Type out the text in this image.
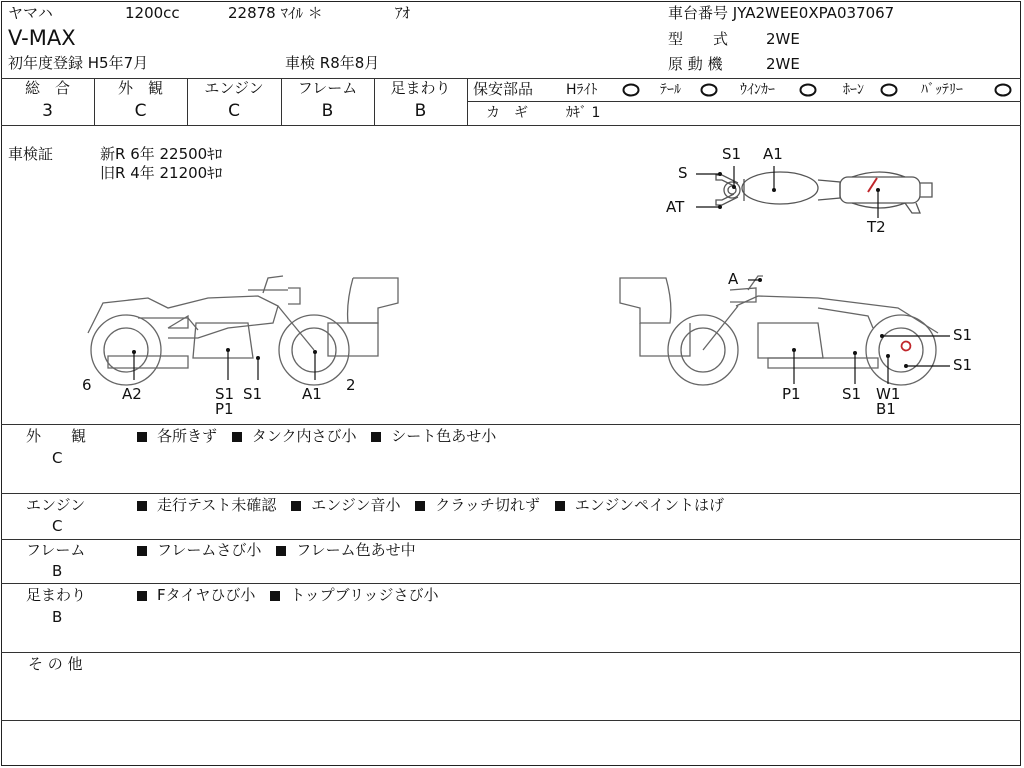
ヤマハ	1200cc	22878 ﾏｲﾙ ＊	ｱｵ
V-MAX
初年度登録 H5年7月	車検 R8年8月
車台番号 JYA2WEE0XPA037067
型　　式	2WE
原 動 機	2WE
総　合
3
外　観
C
エンジン
C
フレーム
B
足まわり
B
保安部品 Hﾗｲﾄ	ﾃｰﾙ	ｳｲﾝｶｰ	ﾎｰﾝ	ﾊﾞｯﾃﾘｰ
カ　ギ	ｶｷﾞ 1
車検証	新R 6年 22500ｷﾛ
旧R 4年 21200ｷﾛ
S1 A1
S
AT
T2
6 A2	S1
P1
S1	A1 2
A
S1
S1
P1	S1 W1
B1
外　　観
C
各所きず タンク内さび小 シート色あせ小
エンジン
C
走行テスト未確認 エンジン音小 クラッチ切れず エンジンペイントはげ
フレーム
B
フレームさび小 フレーム色あせ中
足まわり
B
Fタイヤひび小 トップブリッジさび小
そ の 他
